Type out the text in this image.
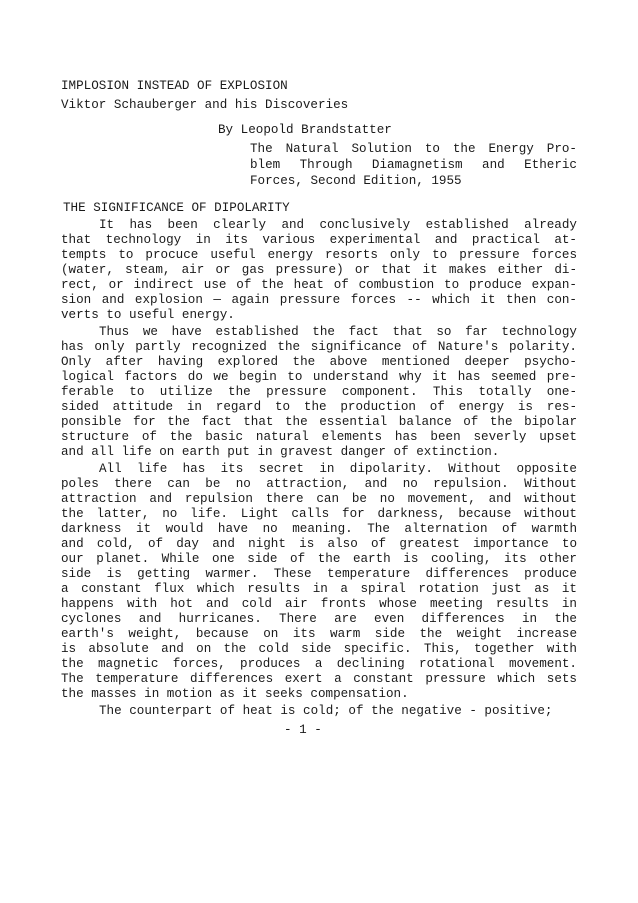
IMPLOSION INSTEAD OF EXPLOSION
Viktor Schauberger and his Discoveries
By Leopold Brandstatter
The Natural Solution to the Energy Pro-
blem Through Diamagnetism and Etheric
Forces, Second Edition, 1955
THE SIGNIFICANCE OF DIPOLARITY
It has been clearly and conclusively established already
that technology in its various experimental and practical at-
tempts to procuce useful energy resorts only to pressure forces
(water, steam, air or gas pressure) or that it makes either di-
rect, or indirect use of the heat of combustion to produce expan-
sion and explosion — again pressure forces -- which it then con-
verts to useful energy.
Thus we have established the fact that so far technology
has only partly recognized the significance of Nature's polarity.
Only after having explored the above mentioned deeper psycho-
logical factors do we begin to understand why it has seemed pre-
ferable to utilize the pressure component. This totally one-
sided attitude in regard to the production of energy is res-
ponsible for the fact that the essential balance of the bipolar
structure of the basic natural elements has been severly upset
and all life on earth put in gravest danger of extinction.
All life has its secret in dipolarity. Without opposite
poles there can be no attraction, and no repulsion. Without
attraction and repulsion there can be no movement, and without
the latter, no life. Light calls for darkness, because without
darkness it would have no meaning. The alternation of warmth
and cold, of day and night is also of greatest importance to
our planet. While one side of the earth is cooling, its other
side is getting warmer. These temperature differences produce
a constant flux which results in a spiral rotation just as it
happens with hot and cold air fronts whose meeting results in
cyclones and hurricanes. There are even differences in the
earth's weight, because on its warm side the weight increase
is absolute and on the cold side specific. This, together with
the magnetic forces, produces a declining rotational movement.
The temperature differences exert a constant pressure which sets
the masses in motion as it seeks compensation.
The counterpart of heat is cold; of the negative - positive;
- 1 -
